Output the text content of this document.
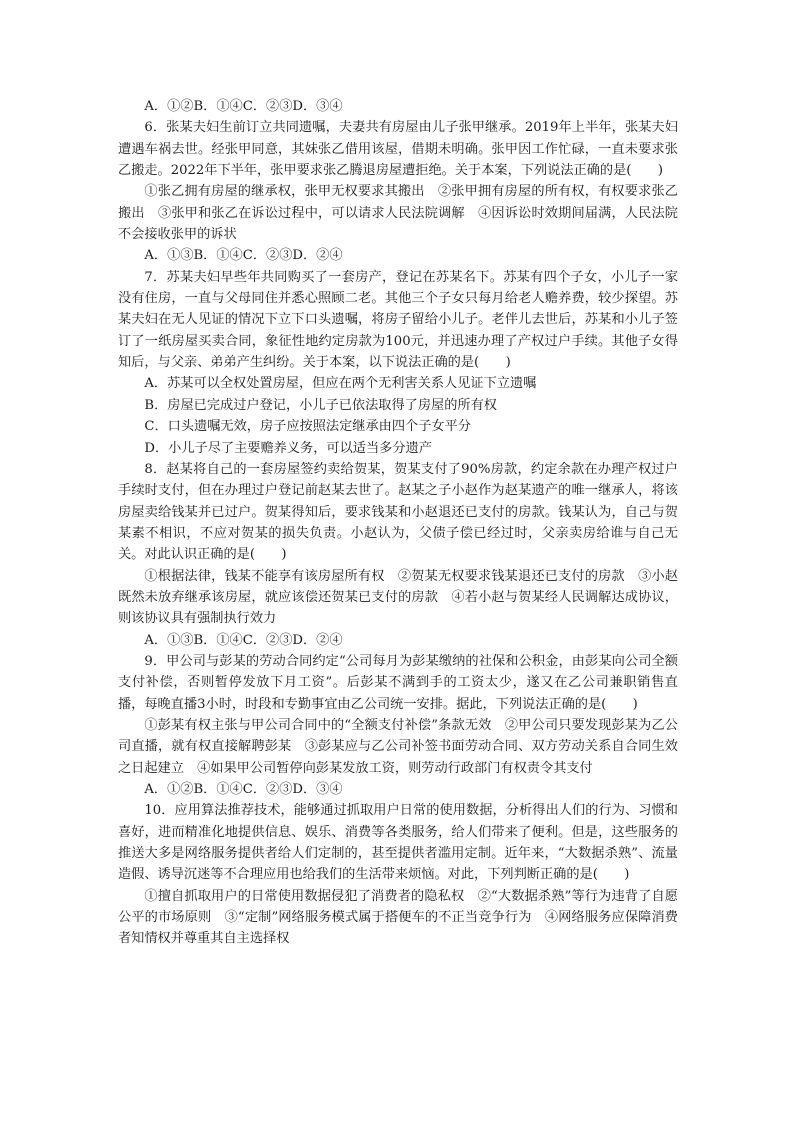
A．①②B．①④C．②③D．③④

6．张某夫妇生前订立共同遗嘱，夫妻共有房屋由儿子张甲继承。2019年上半年，张某夫妇遭遇车祸去世。经张甲同意，其妹张乙借用该屋，借期未明确。张甲因工作忙碌，一直未要求张乙搬走。2022年下半年，张甲要求张乙腾退房屋遭拒绝。关于本案，下列说法正确的是(　　)

①张乙拥有房屋的继承权，张甲无权要求其搬出　②张甲拥有房屋的所有权，有权要求张乙搬出　③张甲和张乙在诉讼过程中，可以请求人民法院调解　④因诉讼时效期间届满，人民法院不会接收张甲的诉状

A．①③B．①④C．②③D．②④

7．苏某夫妇早些年共同购买了一套房产，登记在苏某名下。苏某有四个子女，小儿子一家没有住房，一直与父母同住并悉心照顾二老。其他三个子女只每月给老人赡养费，较少探望。苏某夫妇在无人见证的情况下立下口头遗嘱，将房子留给小儿子。老伴儿去世后，苏某和小儿子签订了一纸房屋买卖合同，象征性地约定房款为100元，并迅速办理了产权过户手续。其他子女得知后，与父亲、弟弟产生纠纷。关于本案，以下说法正确的是(　　)

A．苏某可以全权处置房屋，但应在两个无利害关系人见证下立遗嘱

B．房屋已完成过户登记，小儿子已依法取得了房屋的所有权

C．口头遗嘱无效，房子应按照法定继承由四个子女平分

D．小儿子尽了主要赡养义务，可以适当多分遗产

8．赵某将自己的一套房屋签约卖给贺某，贺某支付了90%房款，约定余款在办理产权过户手续时支付，但在办理过户登记前赵某去世了。赵某之子小赵作为赵某遗产的唯一继承人，将该房屋卖给钱某并已过户。贺某得知后，要求钱某和小赵退还已支付的房款。钱某认为，自己与贺某素不相识，不应对贺某的损失负责。小赵认为，父债子偿已经过时，父亲卖房给谁与自己无关。对此认识正确的是(　　)

①根据法律，钱某不能享有该房屋所有权　②贺某无权要求钱某退还已支付的房款　③小赵既然未放弃继承该房屋，就应该偿还贺某已支付的房款　④若小赵与贺某经人民调解达成协议，则该协议具有强制执行效力

A．①③B．①④C．②③D．②④

9．甲公司与彭某的劳动合同约定“公司每月为彭某缴纳的社保和公积金，由彭某向公司全额支付补偿，否则暂停发放下月工资”。后彭某不满到手的工资太少，遂又在乙公司兼职销售直播，每晚直播3小时，时段和专勤事宜由乙公司统一安排。据此，下列说法正确的是(　　)

①彭某有权主张与甲公司合同中的“全额支付补偿”条款无效　②甲公司只要发现彭某为乙公司直播，就有权直接解聘彭某　③彭某应与乙公司补签书面劳动合同、双方劳动关系自合同生效之日起建立　④如果甲公司暂停向彭某发放工资，则劳动行政部门有权责令其支付

A．①②B．①④C．②③D．③④

10．应用算法推荐技术，能够通过抓取用户日常的使用数据，分析得出人们的行为、习惯和喜好，进而精准化地提供信息、娱乐、消费等各类服务，给人们带来了便利。但是，这些服务的推送大多是网络服务提供者给人们定制的，甚至提供者滥用定制。近年来，“大数据杀熟”、流量造假、诱导沉迷等不合理应用也给我们的生活带来烦恼。对此，下列判断正确的是(　　)

①擅自抓取用户的日常使用数据侵犯了消费者的隐私权　②“大数据杀熟”等行为违背了自愿公平的市场原则　③“定制”网络服务模式属于搭便车的不正当竞争行为　④网络服务应保障消费者知情权并尊重其自主选择权
